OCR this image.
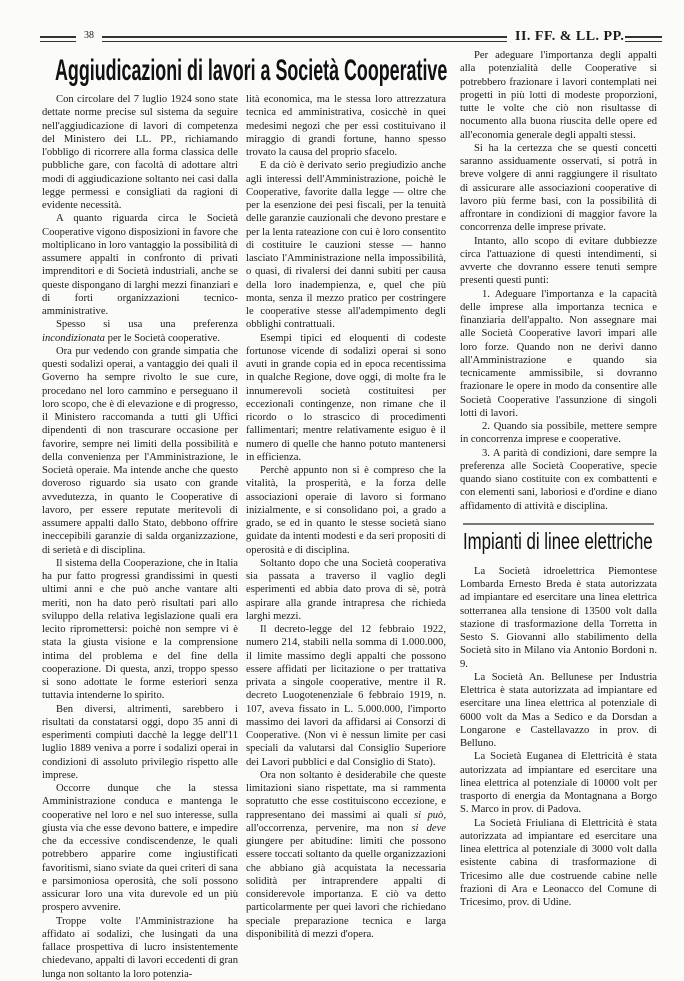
38	II. FF. & LL. PP.
Aggiudicazioni di lavori a Società Cooperative

Con circolare del 7 luglio 1924 sono state dettate norme precise sul sistema da seguire nell'aggiudicazione di lavori di competenza del Ministero dei LL. PP., richiamando l'obbligo di ricorrere alla forma classica delle pubbliche gare, con facoltà di adottare altri modi di aggiudicazione soltanto nei casi dalla legge permessi e consigliati da ragioni di evidente necessità.

A quanto riguarda circa le Società Cooperative vigono disposizioni in favore che moltiplicano in loro vantaggio la possibilità di assumere appalti in confronto di privati imprenditori e di Società industriali, anche se queste dispongano di larghi mezzi finanziari e di forti organizzazioni tecnico-amministrative.

Spesso si usa una preferenza incondizionata per le Società cooperative.

Ora pur vedendo con grande simpatia che questi sodalizi operai, a vantaggio dei quali il Governo ha sempre rivolto le sue cure, procedano nel loro cammino e perseguano il loro scopo, che è di elevazione e di progresso, il Ministero raccomanda a tutti gli Uffici dipendenti di non trascurare occasione per favorire, sempre nei limiti della possibilità e della convenienza per l'Amministrazione, le Società operaie. Ma intende anche che questo doveroso riguardo sia usato con grande avvedutezza, in quanto le Cooperative di lavoro, per essere reputate meritevoli di assumere appalti dallo Stato, debbono offrire ineccepibili garanzie di salda organizzazione, di serietà e di disciplina.

Il sistema della Cooperazione, che in Italia ha pur fatto progressi grandissimi in questi ultimi anni e che può anche vantare alti meriti, non ha dato però risultati pari allo sviluppo della relativa legislazione quali era lecito ripromettersi: poichè non sempre vi è stata la giusta visione e la comprensione intima del problema e del fine della cooperazione. Di questa, anzi, troppo spesso si sono adottate le forme esteriori senza tuttavia intenderne lo spirito.

Ben diversi, altrimenti, sarebbero i risultati da constatarsi oggi, dopo 35 anni di esperimenti compiuti dacchè la legge dell'11 luglio 1889 veniva a porre i sodalizi operai in condizioni di assoluto privilegio rispetto alle imprese.

Occorre dunque che la stessa Amministrazione conduca e mantenga le cooperative nel loro e nel suo interesse, sulla giusta via che esse devono battere, e impedire che da eccessive condiscendenze, le quali potrebbero apparire come ingiustificati favoritismi, siano sviate da quei criteri di sana e parsimoniosa operosità, che soli possono assicurar loro una vita durevole ed un più prospero avvenire.

Troppe volte l'Amministrazione ha affidato ai sodalizi, che lusingati da una fallace prospettiva di lucro insistentemente chiedevano, appalti di lavori eccedenti di gran lunga non soltanto la loro potenzia-

lità economica, ma le stessa loro attrezzatura tecnica ed amministrativa, cosicchè in quei medesimi negozi che per essi costituivano il miraggio di grandi fortune, hanno spesso trovato la causa del proprio sfacelo.

E da ciò è derivato serio pregiudizio anche agli interessi dell'Amministrazione, poichè le Cooperative, favorite dalla legge — oltre che per la esenzione dei pesi fiscali, per la tenuità delle garanzie cauzionali che devono prestare e per la lenta rateazione con cui è loro consentito di costituire le cauzioni stesse — hanno lasciato l'Amministrazione nella impossibilità, o quasi, di rivalersi dei danni subiti per causa della loro inadempienza, e, quel che più monta, senza il mezzo pratico per costringere le cooperative stesse all'adempimento degli obblighi contrattuali.

Esempi tipici ed eloquenti di codeste fortunose vicende di sodalizi operai si sono avuti in grande copia ed in epoca recentissima in qualche Regione, dove oggi, di molte fra le innumerevoli società costituitesi per eccezionali contingenze, non rimane che il ricordo o lo strascico di procedimenti fallimentari; mentre relativamente esiguo è il numero di quelle che hanno potuto mantenersi in efficienza.

Perchè appunto non si è compreso che la vitalità, la prosperità, e la forza delle associazioni operaie di lavoro si formano inizialmente, e si consolidano poi, a grado a grado, se ed in quanto le stesse società siano guidate da intenti modesti e da seri propositi di operosità e di disciplina.

Soltanto dopo che una Società cooperativa sia passata a traverso il vaglio degli esperimenti ed abbia dato prova di sè, potrà aspirare alla grande intrapresa che richieda larghi mezzi.

Il decreto-legge del 12 febbraio 1922, numero 214, stabilì nella somma di 1.000.000, il limite massimo degli appalti che possono essere affidati per licitazione o per trattativa privata a singole cooperative, mentre il R. decreto Luogotenenziale 6 febbraio 1919, n. 107, aveva fissato in L. 5.000.000, l'importo massimo dei lavori da affidarsi ai Consorzi di Cooperative. (Non vi è nessun limite per casi speciali da valutarsi dal Consiglio Superiore dei Lavori pubblici e dal Consiglio di Stato).

Ora non soltanto è desiderabile che queste limitazioni siano rispettate, ma si rammenta sopratutto che esse costituiscono eccezione, e rappresentano dei massimi ai quali si può, all'occorrenza, pervenire, ma non si deve giungere per abitudine: limiti che possono essere toccati soltanto da quelle organizzazioni che abbiano già acquistata la necessaria solidità per intraprendere appalti di considerevole importanza. E ciò va detto particolarmente per quei lavori che richiedano speciale preparazione tecnica e larga disponibilità di mezzi d'opera.

Per adeguare l'importanza degli appalti alla potenzialità delle Cooperative si potrebbero frazionare i lavori contemplati nei progetti in più lotti di modeste proporzioni, tutte le volte che ciò non risultasse di nocumento alla buona riuscita delle opere ed all'economia generale degli appalti stessi.

Si ha la certezza che se questi concetti saranno assiduamente osservati, si potrà in breve volgere di anni raggiungere il risultato di assicurare alle associazioni cooperative di lavoro più ferme basi, con la possibilità di affrontare in condizioni di maggior favore la concorrenza delle imprese private.

Intanto, allo scopo di evitare dubbiezze circa l'attuazione di questi intendimenti, si avverte che dovranno essere tenuti sempre presenti questi punti:

1. Adeguare l'importanza e la capacità delle imprese alla importanza tecnica e finanziaria dell'appalto. Non assegnare mai alle Società Cooperative lavori impari alle loro forze. Quando non ne derivi danno all'Amministrazione e quando sia tecnicamente ammissibile, si dovranno frazionare le opere in modo da consentire alle Società Cooperative l'assunzione di singoli lotti di lavori.

2. Quando sia possibile, mettere sempre in concorrenza imprese e cooperative.

3. A parità di condizioni, dare sempre la preferenza alle Società Cooperative, specie quando siano costituite con ex combattenti e con elementi sani, laboriosi e d'ordine e diano affidamento di attività e disciplina.

Impianti di linee elettriche

La Società idroelettrica Piemontese Lombarda Ernesto Breda è stata autorizzata ad impiantare ed esercitare una linea elettrica sotterranea alla tensione di 13500 volt dalla stazione di trasformazione della Torretta in Sesto S. Giovanni allo stabilimento della Società sito in Milano via Antonio Bordoni n. 9.

La Società An. Bellunese per Industria Elettrica è stata autorizzata ad impiantare ed esercitare una linea elettrica al potenziale di 6000 volt da Mas a Sedico e da Dorsdan a Longarone e Castellavazzo in prov. di Belluno.

La Società Euganea di Elettricità è stata autorizzata ad impiantare ed esercitare una linea elettrica al potenziale di 10000 volt per trasporto di energia da Montagnana a Borgo S. Marco in prov. di Padova.

La Società Friuliana di Elettricità è stata autorizzata ad impiantare ed esercitare una linea elettrica al potenziale di 3000 volt dalla esistente cabina di trasformazione di Tricesimo alle due costruende cabine nelle frazioni di Ara e Leonacco del Comune di Tricesimo, prov. di Udine.
